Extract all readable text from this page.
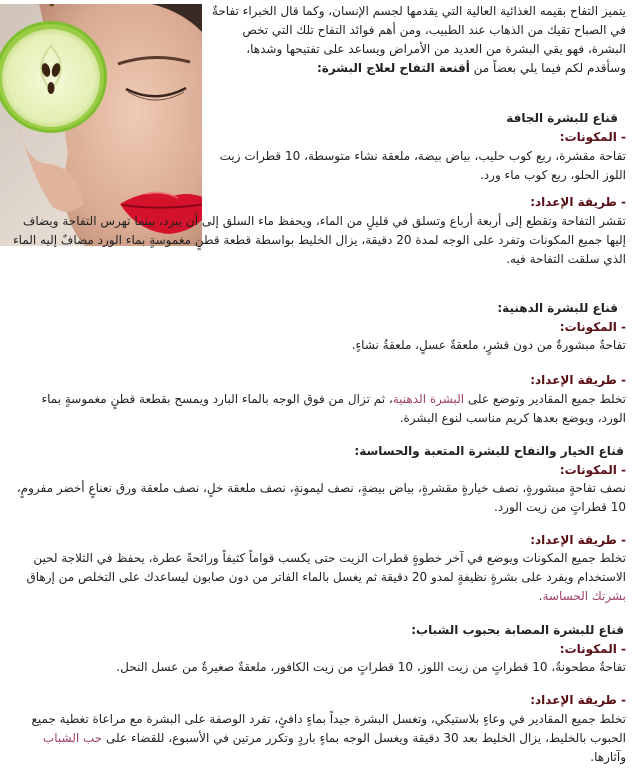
يتميز التفاح بقيمه الغذائية العالية التي يقدمها لجسم الإنسان، وكما قال الخبراء تفاحةٌ في الصباح تقيك من الذهاب عند الطبيب، ومن أهم فوائد التفاح تلك التي تخص البشرة، فهو يقي البشرة من العديد من الأمراض ويساعد على تفتيحها وشدها، وسأقدم لكم فيما يلي بعضاً من أقنعة التفاح لعلاج البشرة:

قناع للبشرة الجافة

- المكونات:

تفاحة مقشرة، ربع كوب حليب، بياض بيضة، ملعقة نشاء متوسطة، 10 قطرات زيت اللوز الحلو، ربع كوب ماء ورد.

- طريقة الإعداد:

تقشر التفاحة وتقطع إلى أربعة أرباع وتسلق في قليلٍ من الماء، ويحفظ ماء السلق إلى أن يبرد، بينما تهرس التفاحة ويضاف إليها جميع المكونات وتفرد على الوجه لمدة 20 دقيقة، يزال الخليط بواسطة قطعة قطنٍ مغموسةٍ بماء الورد مضافٌ إليه الماء الذي سلقت التفاحة فيه.

قناع للبشرة الدهنية:

- المكونات:

تفاحةٌ مبشورةٌ من دون قشرٍ، ملعقةٌ عسلٍ، ملعقةُ نشاءٍ.

- طريقة الإعداد:

تخلط جميع المقادير وتوضع على البشرة الدهنية، ثم تزال من فوق الوجه بالماء البارد ويمسح بقطعة قطنٍ مغموسةٍ بماء الورد، ويوضع بعدها كريم مناسب لنوع البشرة.

قناع الخيار والتفاح للبشرة المتعبة والحساسة:

- المكونات:

نصف تفاحةٍ مبشورةٍ، نصف خيارةٍ مقشرةٍ، بياض بيضةٍ، نصف ليمونةٍ، نصف ملعقة خلٍ، نصف ملعقة ورق نعناعٍ أخضر مفرومٍ، 10 قطراتٍ من زيت الورد.

- طريقة الإعداد:

تخلط جميع المكونات ويوضع في آخر خطوةٍ قطرات الزيت حتى يكسب قواماً كثيفاً ورائحةً عطرة، يحفظ في الثلاجة لحين الاستخدام ويفرد على بشرةٍ نظيفةٍ لمدو 20 دقيقة ثم يغسل بالماء الفاتر من دون صابون ليساعدك على التخلص من إرهاق بشرتك الحساسة.

قناع للبشرة المصابة بحبوب الشباب:

- المكونات:

تفاحةٌ مطحونةٌ، 10 قطراتٍ من زيت اللوز، 10 قطراتٍ من زيت الكافور، ملعقةٌ صغيرةٌ من عسل النحل.

- طريقة الإعداد:

تخلط جميع المقادير في وعاءٍ بلاستيكي، وتغسل البشرة جيداً بماءٍ دافئٍ، تفرد الوصفة على البشرة مع مراعاة تغطية جميع الحبوب بالخليط، يزال الخليط بعد 30 دقيقة ويغسل الوجه بماءٍ باردٍ وتكرر مرتين في الأسبوع، للقضاء على حب الشباب وآثارها.
